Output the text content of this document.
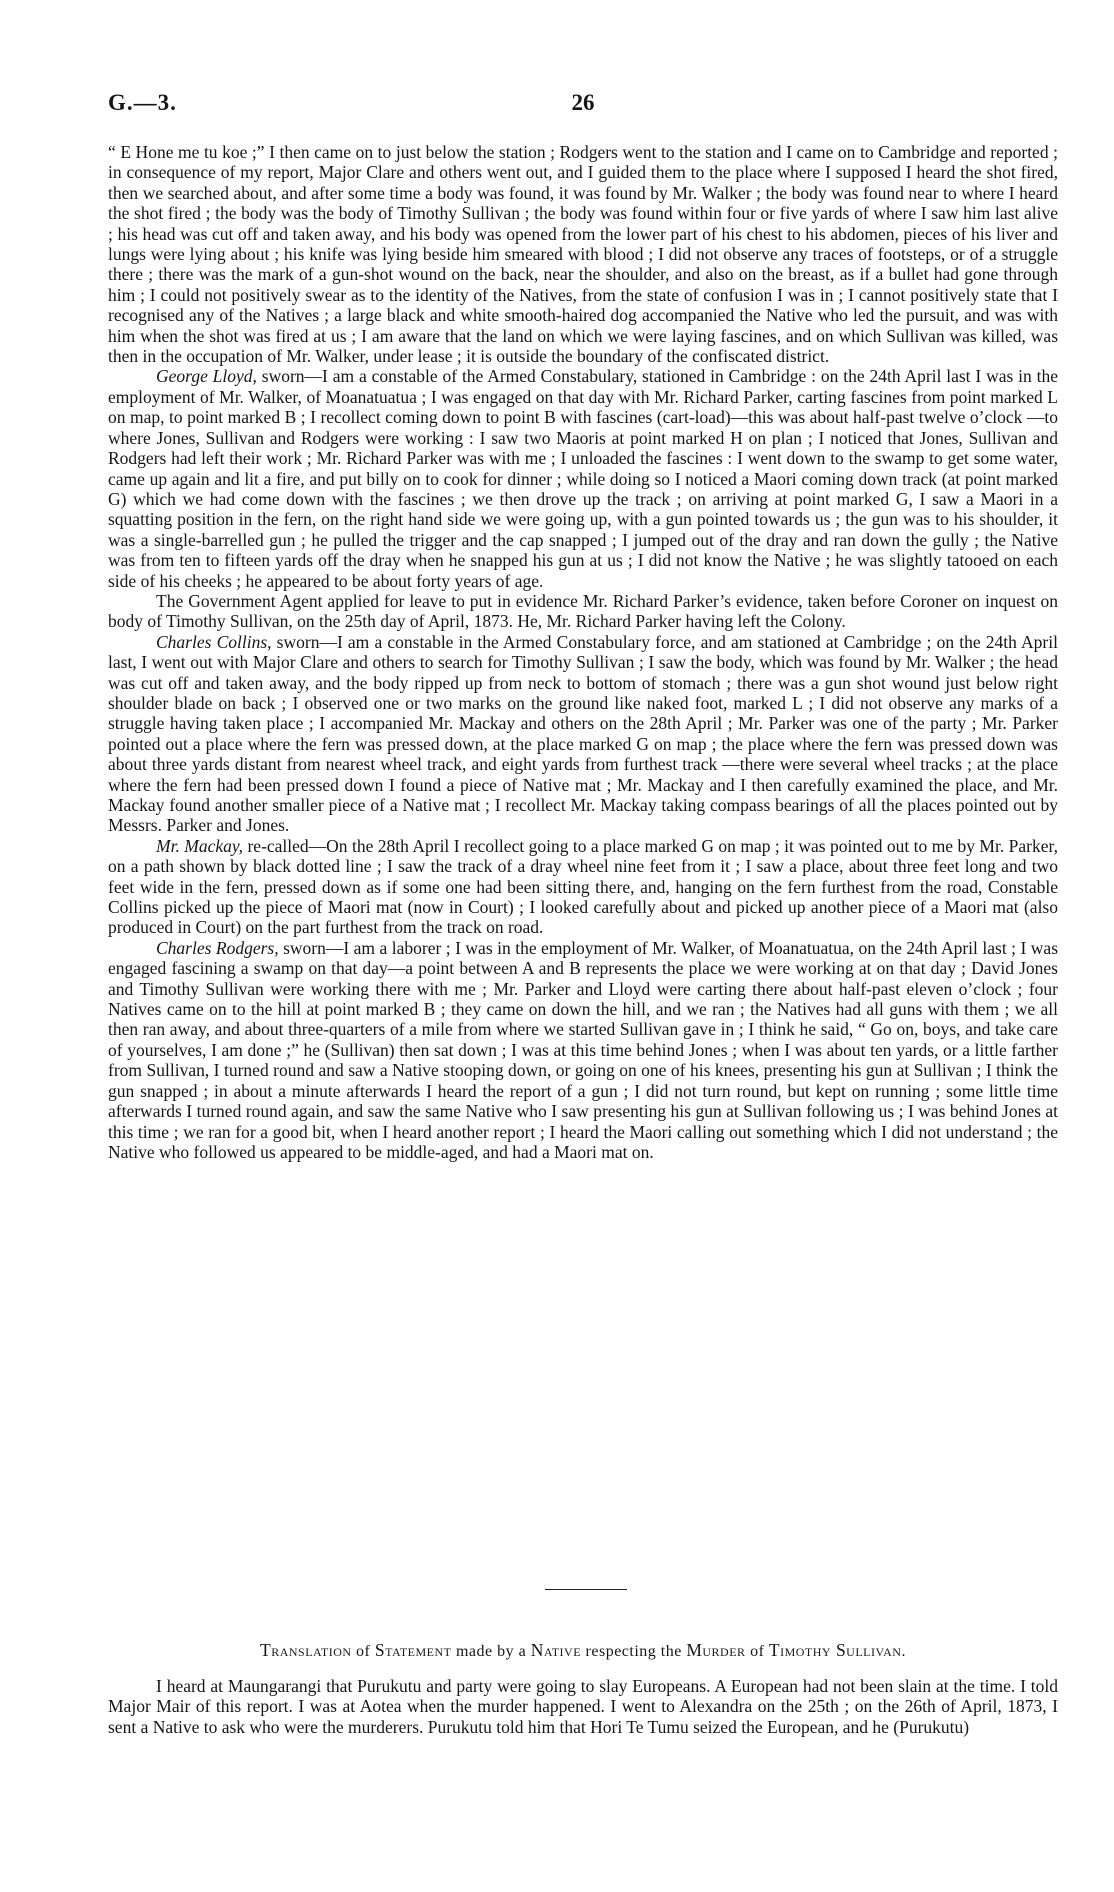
G.—3.	26

“ E Hone me tu koe ;” I then came on to just below the station ; Rodgers went to the station and I came on to Cambridge and reported ; in consequence of my report, Major Clare and others went out, and I guided them to the place where I supposed I heard the shot fired, then we searched about, and after some time a body was found, it was found by Mr. Walker ; the body was found near to where I heard the shot fired ; the body was the body of Timothy Sullivan ; the body was found within four or five yards of where I saw him last alive ; his head was cut off and taken away, and his body was opened from the lower part of his chest to his abdomen, pieces of his liver and lungs were lying about ; his knife was lying beside him smeared with blood ; I did not observe any traces of footsteps, or of a struggle there ; there was the mark of a gun-shot wound on the back, near the shoulder, and also on the breast, as if a bullet had gone through him ; I could not positively swear as to the identity of the Natives, from the state of confusion I was in ; I cannot positively state that I recognised any of the Natives ; a large black and white smooth-haired dog accompanied the Native who led the pursuit, and was with him when the shot was fired at us ; I am aware that the land on which we were laying fascines, and on which Sullivan was killed, was then in the occupation of Mr. Walker, under lease ; it is outside the boundary of the confiscated district.

George Lloyd, sworn—I am a constable of the Armed Constabulary, stationed in Cambridge : on the 24th April last I was in the employment of Mr. Walker, of Moanatuatua ; I was engaged on that day with Mr. Richard Parker, carting fascines from point marked L on map, to point marked B ; I recollect coming down to point B with fascines (cart-load)—this was about half-past twelve o’clock —to where Jones, Sullivan and Rodgers were working : I saw two Maoris at point marked H on plan ; I noticed that Jones, Sullivan and Rodgers had left their work ; Mr. Richard Parker was with me ; I unloaded the fascines : I went down to the swamp to get some water, came up again and lit a fire, and put billy on to cook for dinner ; while doing so I noticed a Maori coming down track (at point marked G) which we had come down with the fascines ; we then drove up the track ; on arriving at point marked G, I saw a Maori in a squatting position in the fern, on the right hand side we were going up, with a gun pointed towards us ; the gun was to his shoulder, it was a single-barrelled gun ; he pulled the trigger and the cap snapped ; I jumped out of the dray and ran down the gully ; the Native was from ten to fifteen yards off the dray when he snapped his gun at us ; I did not know the Native ; he was slightly tatooed on each side of his cheeks ; he appeared to be about forty years of age.

The Government Agent applied for leave to put in evidence Mr. Richard Parker’s evidence, taken before Coroner on inquest on body of Timothy Sullivan, on the 25th day of April, 1873. He, Mr. Richard Parker having left the Colony.

Charles Collins, sworn—I am a constable in the Armed Constabulary force, and am stationed at Cambridge ; on the 24th April last, I went out with Major Clare and others to search for Timothy Sullivan ; I saw the body, which was found by Mr. Walker ; the head was cut off and taken away, and the body ripped up from neck to bottom of stomach ; there was a gun shot wound just below right shoulder blade on back ; I observed one or two marks on the ground like naked foot, marked L ; I did not observe any marks of a struggle having taken place ; I accompanied Mr. Mackay and others on the 28th April ; Mr. Parker was one of the party ; Mr. Parker pointed out a place where the fern was pressed down, at the place marked G on map ; the place where the fern was pressed down was about three yards distant from nearest wheel track, and eight yards from furthest track —there were several wheel tracks ; at the place where the fern had been pressed down I found a piece of Native mat ; Mr. Mackay and I then carefully examined the place, and Mr. Mackay found another smaller piece of a Native mat ; I recollect Mr. Mackay taking compass bearings of all the places pointed out by Messrs. Parker and Jones.

Mr. Mackay, re-called—On the 28th April I recollect going to a place marked G on map ; it was pointed out to me by Mr. Parker, on a path shown by black dotted line ; I saw the track of a dray wheel nine feet from it ; I saw a place, about three feet long and two feet wide in the fern, pressed down as if some one had been sitting there, and, hanging on the fern furthest from the road, Constable Collins picked up the piece of Maori mat (now in Court) ; I looked carefully about and picked up another piece of a Maori mat (also produced in Court) on the part furthest from the track on road.

Charles Rodgers, sworn—I am a laborer ; I was in the employment of Mr. Walker, of Moanatuatua, on the 24th April last ; I was engaged fascining a swamp on that day—a point between A and B represents the place we were working at on that day ; David Jones and Timothy Sullivan were working there with me ; Mr. Parker and Lloyd were carting there about half-past eleven o’clock ; four Natives came on to the hill at point marked B ; they came on down the hill, and we ran ; the Natives had all guns with them ; we all then ran away, and about three-quarters of a mile from where we started Sullivan gave in ; I think he said, “ Go on, boys, and take care of yourselves, I am done ;” he (Sullivan) then sat down ; I was at this time behind Jones ; when I was about ten yards, or a little farther from Sullivan, I turned round and saw a Native stooping down, or going on one of his knees, presenting his gun at Sullivan ; I think the gun snapped ; in about a minute afterwards I heard the report of a gun ; I did not turn round, but kept on running ; some little time afterwards I turned round again, and saw the same Native who I saw presenting his gun at Sullivan following us ; I was behind Jones at this time ; we ran for a good bit, when I heard another report ; I heard the Maori calling out something which I did not understand ; the Native who followed us appeared to be middle-aged, and had a Maori mat on.

Translation of Statement made by a Native respecting the Murder of Timothy Sullivan.

I heard at Maungarangi that Purukutu and party were going to slay Europeans. A European had not been slain at the time. I told Major Mair of this report. I was at Aotea when the murder happened. I went to Alexandra on the 25th ; on the 26th of April, 1873, I sent a Native to ask who were the murderers. Purukutu told him that Hori Te Tumu seized the European, and he (Purukutu)
